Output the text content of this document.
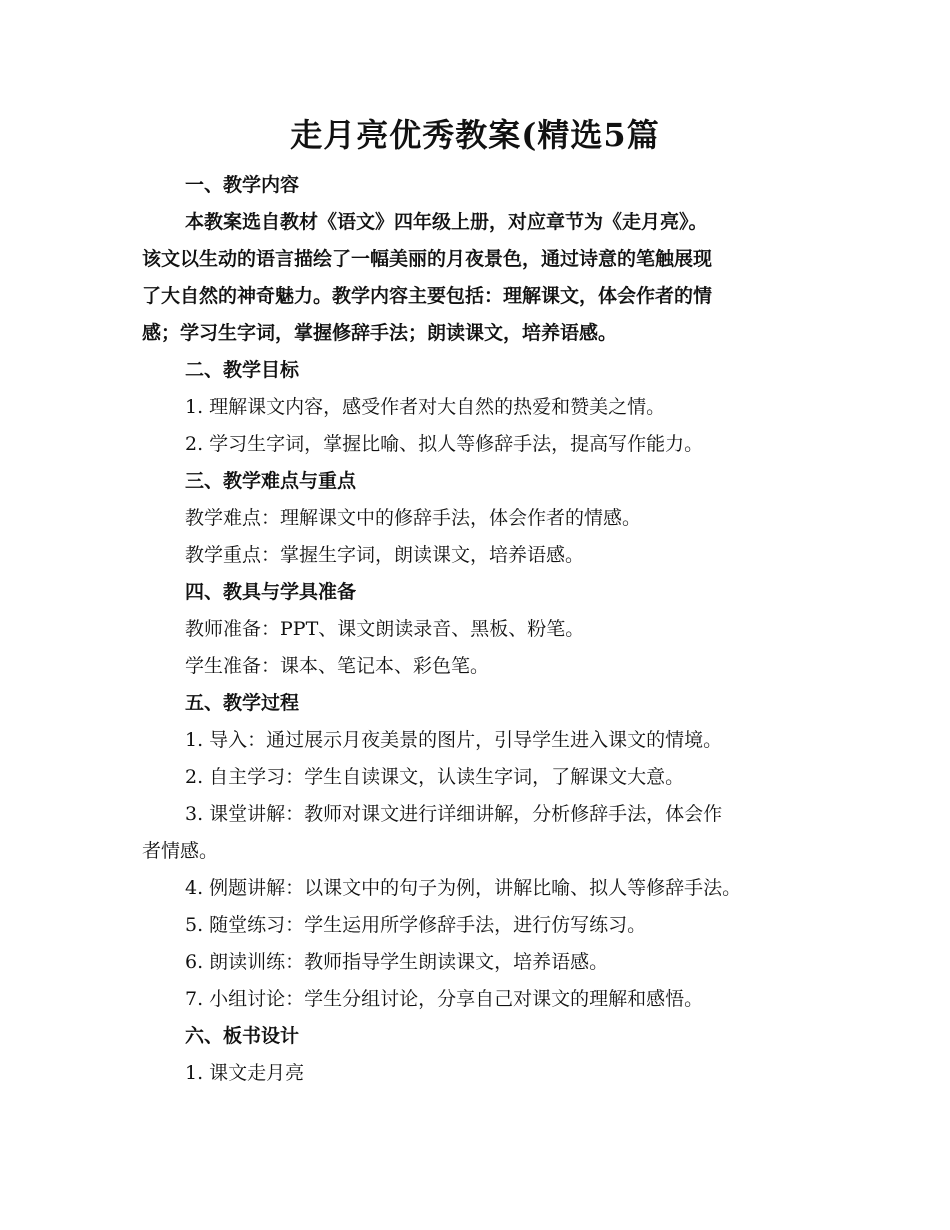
走月亮优秀教案(精选5篇
一、教学内容
本教案选自教材《语文》四年级上册，对应章节为《走月亮》。
该文以生动的语言描绘了一幅美丽的月夜景色，通过诗意的笔触展现
了大自然的神奇魅力。教学内容主要包括：理解课文，体会作者的情
感；学习生字词，掌握修辞手法；朗读课文，培养语感。
二、教学目标
1. 理解课文内容，感受作者对大自然的热爱和赞美之情。
2. 学习生字词，掌握比喻、拟人等修辞手法，提高写作能力。
三、教学难点与重点
教学难点：理解课文中的修辞手法，体会作者的情感。
教学重点：掌握生字词，朗读课文，培养语感。
四、教具与学具准备
教师准备：PPT、课文朗读录音、黑板、粉笔。
学生准备：课本、笔记本、彩色笔。
五、教学过程
1. 导入：通过展示月夜美景的图片，引导学生进入课文的情境。
2. 自主学习：学生自读课文，认读生字词，了解课文大意。
3. 课堂讲解：教师对课文进行详细讲解，分析修辞手法，体会作
者情感。
4. 例题讲解：以课文中的句子为例，讲解比喻、拟人等修辞手法。
5. 随堂练习：学生运用所学修辞手法，进行仿写练习。
6. 朗读训练：教师指导学生朗读课文，培养语感。
7. 小组讨论：学生分组讨论，分享自己对课文的理解和感悟。
六、板书设计
1. 课文走月亮
